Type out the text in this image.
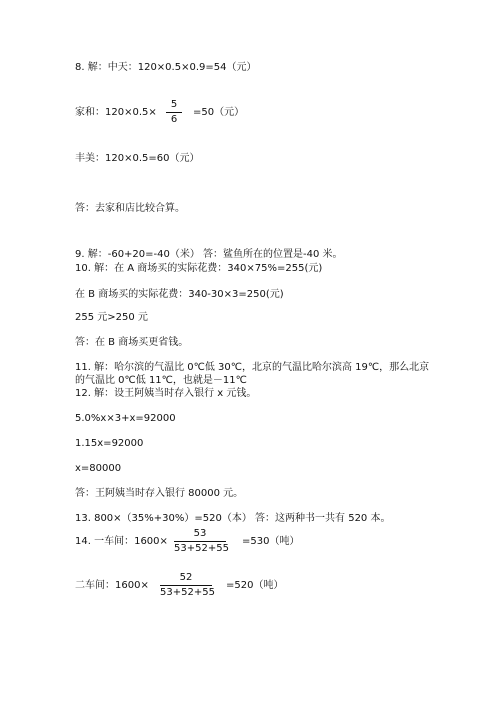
8. 解：中天：120×0.5×0.9=54（元）
家和：120×0.5×
5
6
=50（元）
丰美：120×0.5=60（元）
答：去家和店比较合算。
9. 解：-60+20=-40（米） 答：鲨鱼所在的位置是-40 米。
10. 解：在 A 商场买的实际花费：340×75%=255(元)
在 B 商场买的实际花费：340-30×3=250(元)
255 元>250 元
答：在 B 商场买更省钱。
11. 解：哈尔滨的气温比 0℃低 30℃，北京的气温比哈尔滨高 19℃，那么北京
的气温比 0℃低 11℃，也就是－11℃
12. 解：设王阿姨当时存入银行 x 元钱。
5.0%x×3+x=92000
1.15x=92000
x=80000
答：王阿姨当时存入银行 80000 元。
13. 800×（35%+30%）=520（本） 答：这两种书一共有 520 本。
14. 一车间：1600×
53
53+52+55
=530（吨）
二车间：1600×
52
53+52+55
=520（吨）
